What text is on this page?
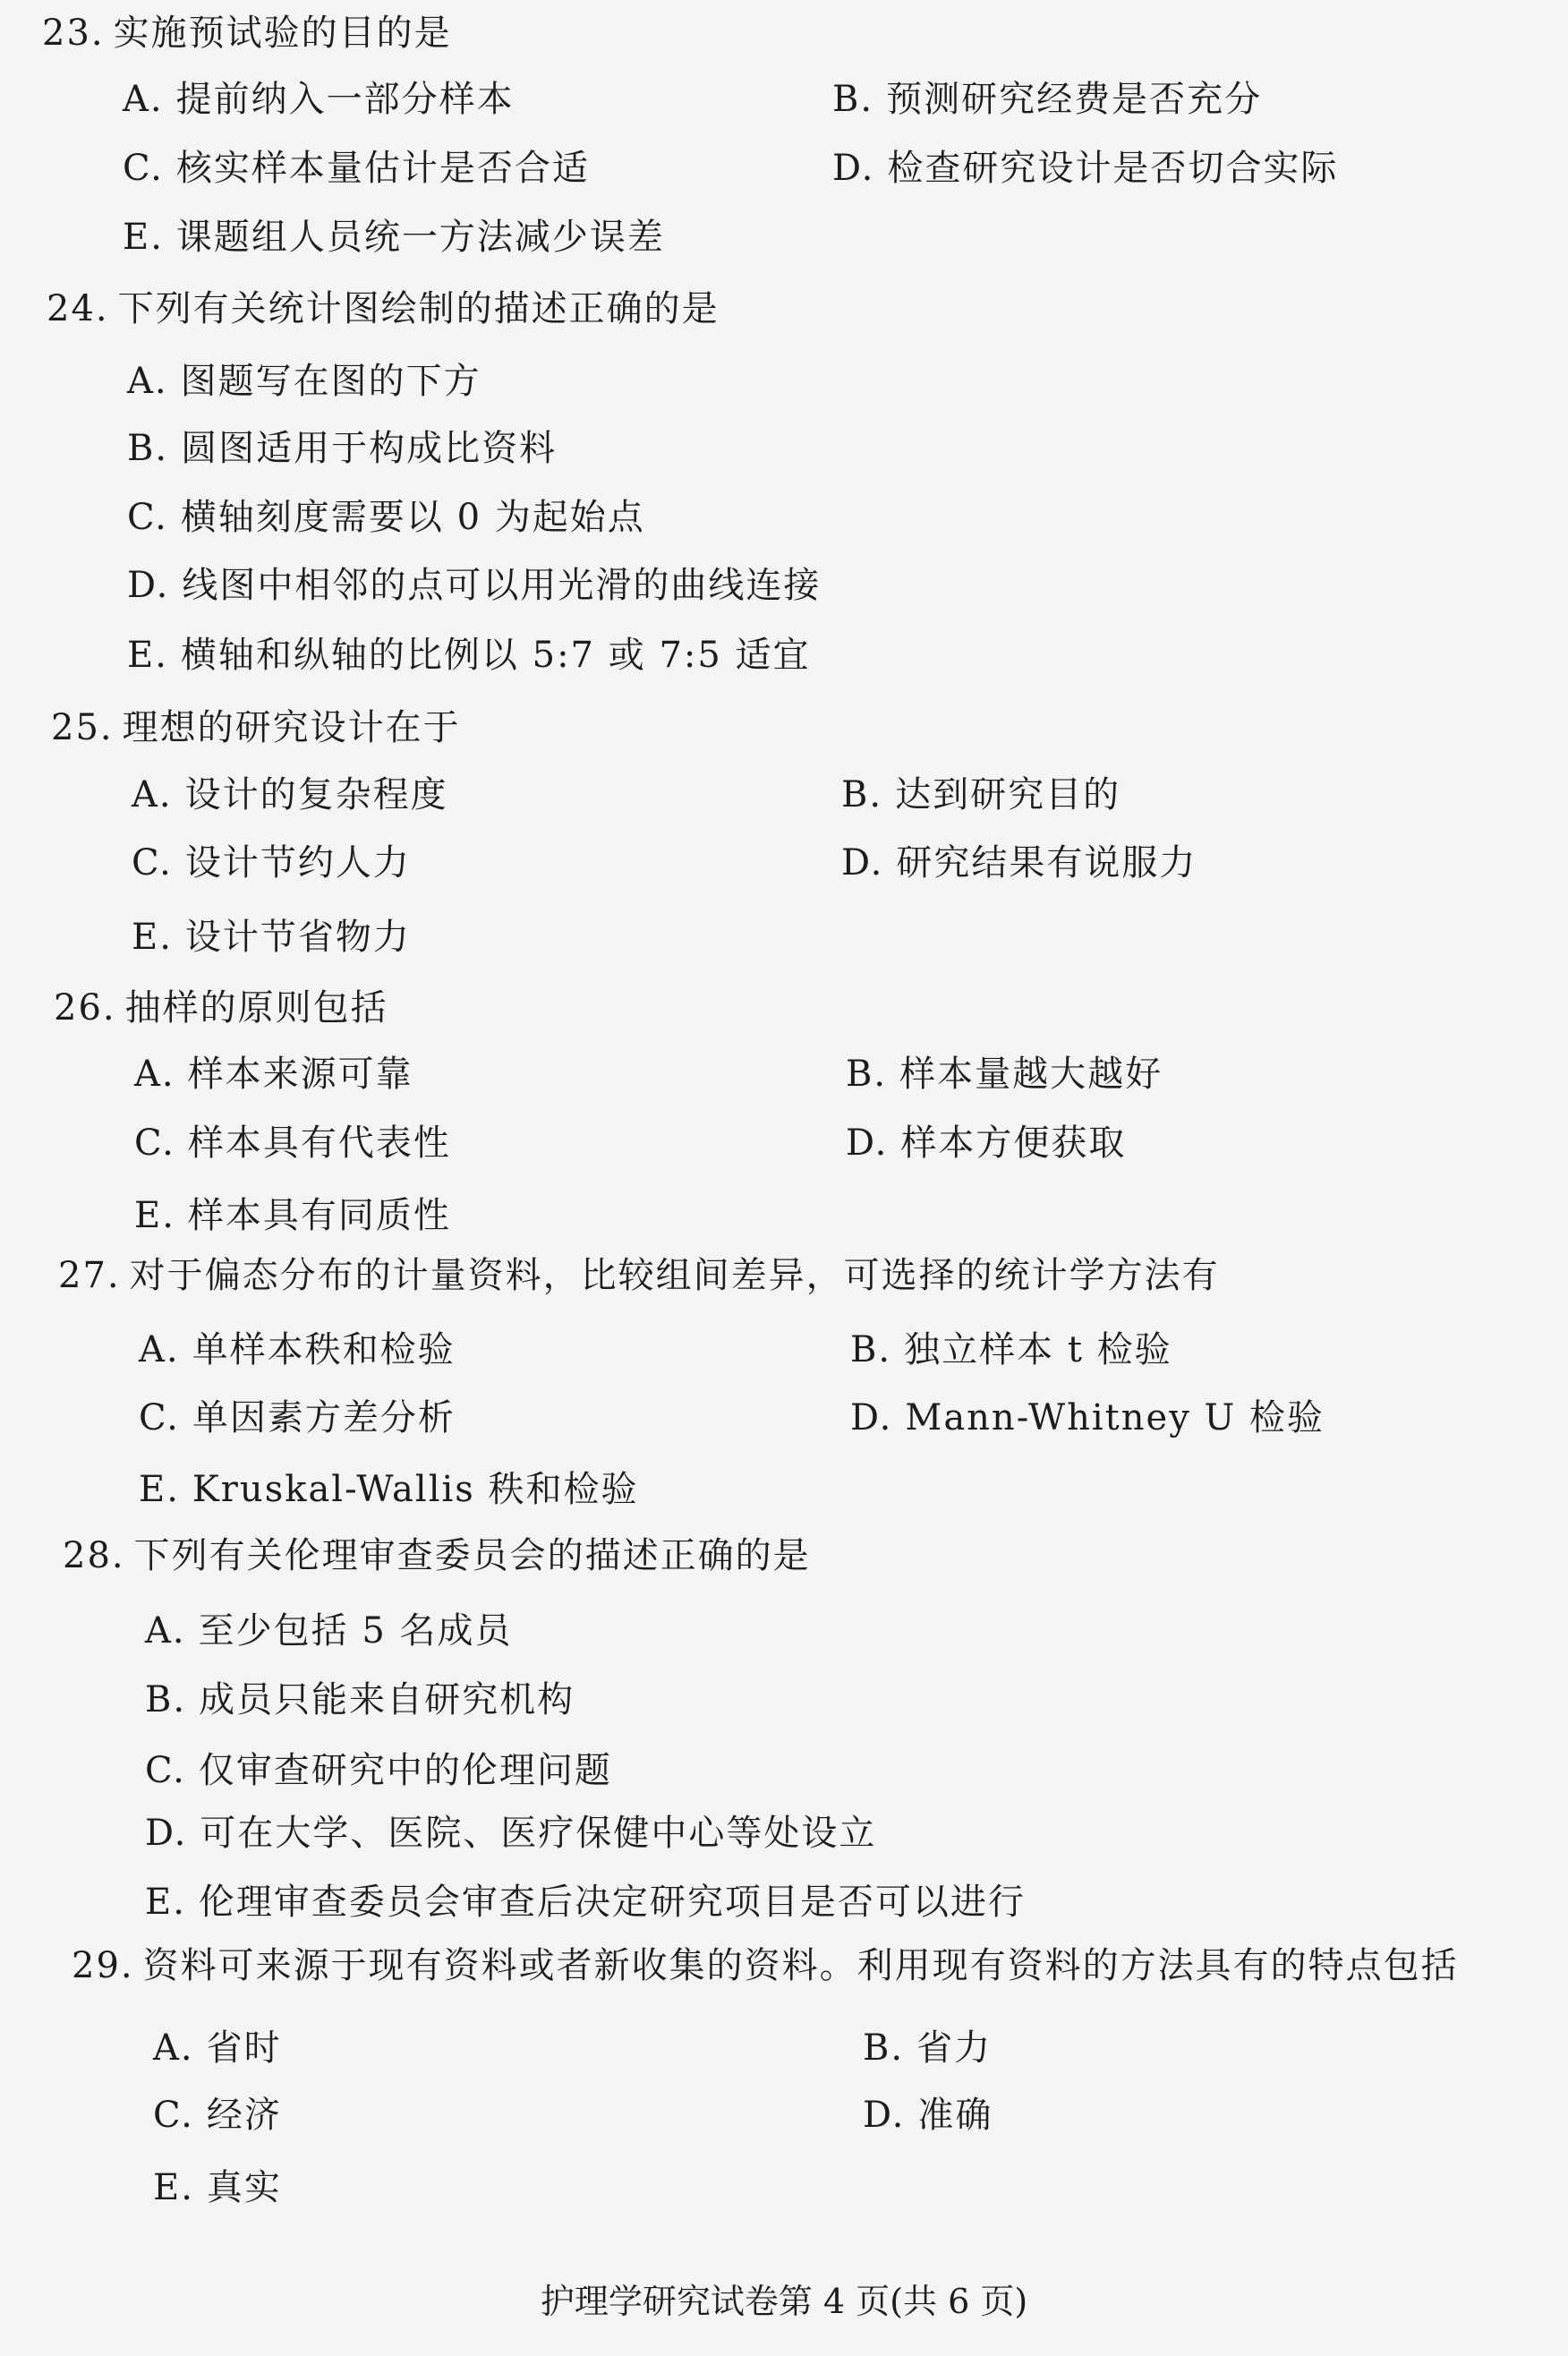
23. 实施预试验的目的是
A. 提前纳入一部分样本	B. 预测研究经费是否充分
C. 核实样本量估计是否合适	D. 检查研究设计是否切合实际
E. 课题组人员统一方法减少误差
24. 下列有关统计图绘制的描述正确的是
A. 图题写在图的下方
B. 圆图适用于构成比资料
C. 横轴刻度需要以 0 为起始点
D. 线图中相邻的点可以用光滑的曲线连接
E. 横轴和纵轴的比例以 5:7 或 7:5 适宜
25. 理想的研究设计在于
A. 设计的复杂程度	B. 达到研究目的
C. 设计节约人力	D. 研究结果有说服力
E. 设计节省物力
26. 抽样的原则包括
A. 样本来源可靠	B. 样本量越大越好
C. 样本具有代表性	D. 样本方便获取
E. 样本具有同质性
27. 对于偏态分布的计量资料，比较组间差异，可选择的统计学方法有
A. 单样本秩和检验	B. 独立样本 t 检验
C. 单因素方差分析	D. Mann-Whitney U 检验
E. Kruskal-Wallis 秩和检验
28. 下列有关伦理审查委员会的描述正确的是
A. 至少包括 5 名成员
B. 成员只能来自研究机构
C. 仅审查研究中的伦理问题
D. 可在大学、医院、医疗保健中心等处设立
E. 伦理审查委员会审查后决定研究项目是否可以进行
29. 资料可来源于现有资料或者新收集的资料。利用现有资料的方法具有的特点包括
A. 省时	B. 省力
C. 经济	D. 准确
E. 真实
护理学研究试卷第 4 页(共 6 页)
